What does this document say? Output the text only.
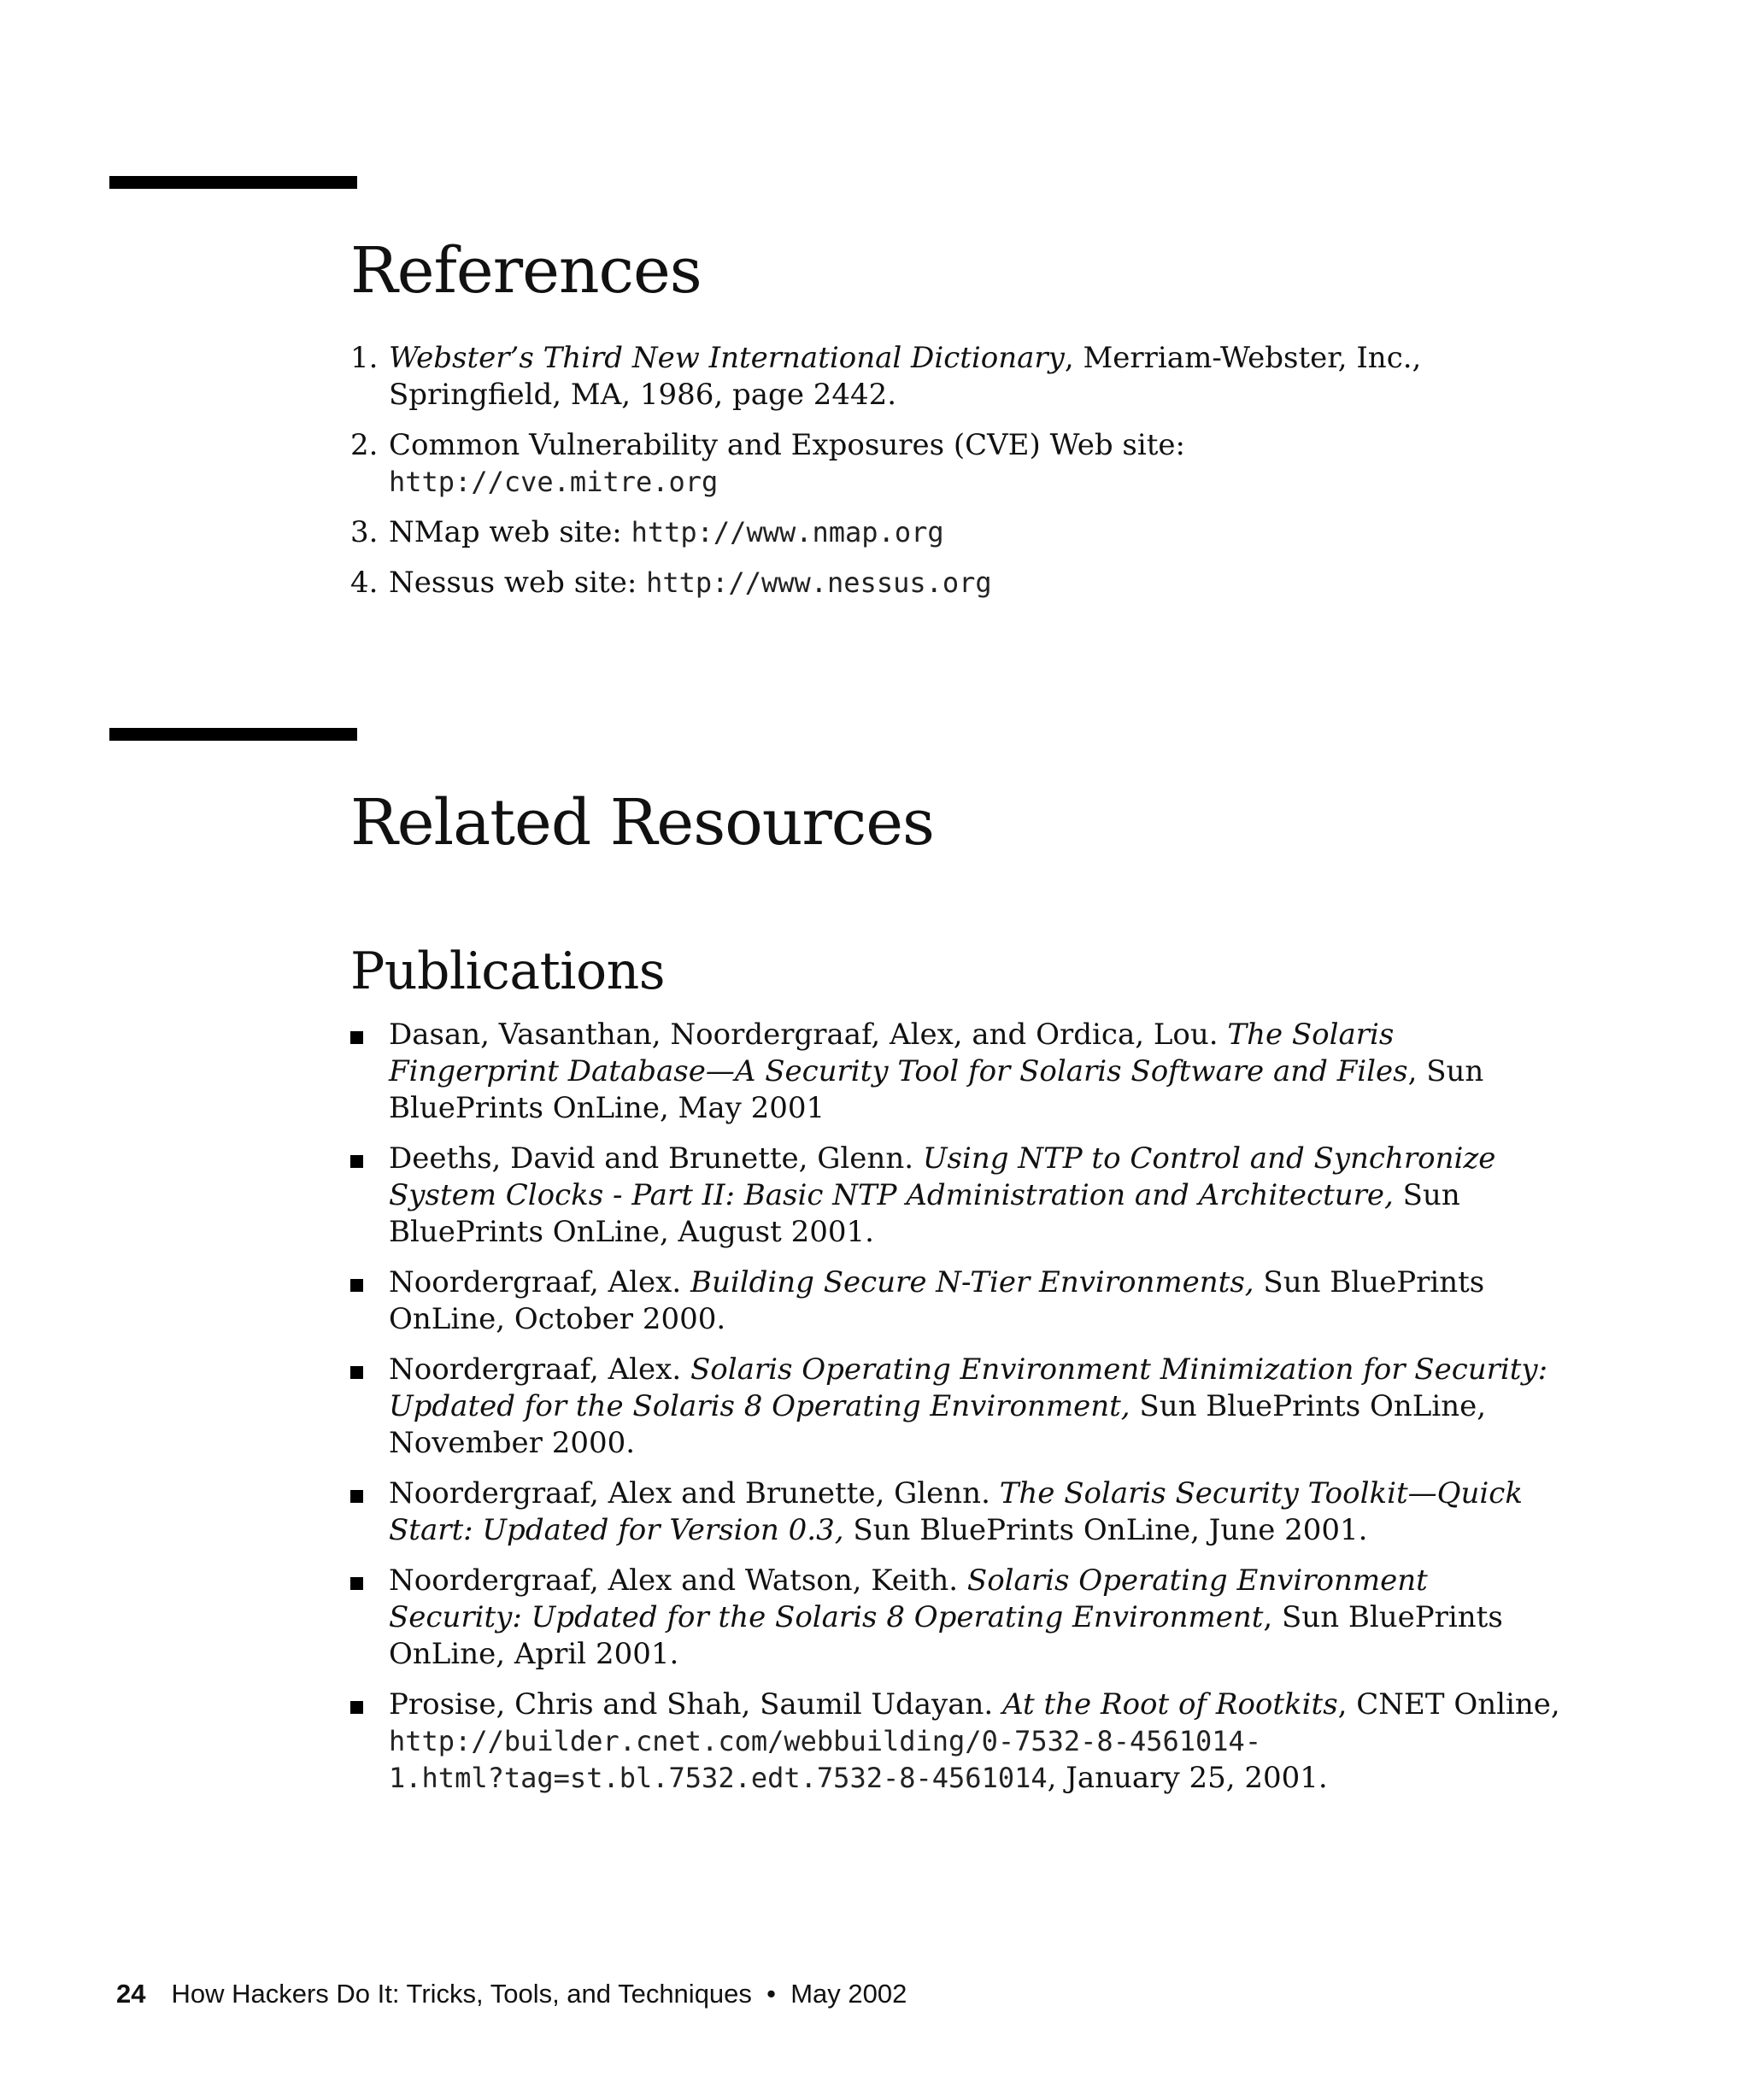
References
1. Webster’s Third New International Dictionary, Merriam-Webster, Inc., Springfield, MA, 1986, page 2442.
2. Common Vulnerability and Exposures (CVE) Web site:
http://cve.mitre.org
3. NMap web site: http://www.nmap.org
4. Nessus web site: http://www.nessus.org
Related Resources
Publications
Dasan, Vasanthan, Noordergraaf, Alex, and Ordica, Lou. The Solaris Fingerprint Database—A Security Tool for Solaris Software and Files, Sun BluePrints OnLine, May 2001
Deeths, David and Brunette, Glenn. Using NTP to Control and Synchronize System Clocks - Part II: Basic NTP Administration and Architecture, Sun BluePrints OnLine, August 2001.
Noordergraaf, Alex. Building Secure N-Tier Environments, Sun BluePrints OnLine, October 2000.
Noordergraaf, Alex. Solaris Operating Environment Minimization for Security: Updated for the Solaris 8 Operating Environment, Sun BluePrints OnLine, November 2000.
Noordergraaf, Alex and Brunette, Glenn. The Solaris Security Toolkit—Quick Start: Updated for Version 0.3, Sun BluePrints OnLine, June 2001.
Noordergraaf, Alex and Watson, Keith. Solaris Operating Environment Security: Updated for the Solaris 8 Operating Environment, Sun BluePrints OnLine, April 2001.
Prosise, Chris and Shah, Saumil Udayan. At the Root of Rootkits, CNET Online,
http://builder.cnet.com/webbuilding/0-7532-8-4561014-
1.html?tag=st.bl.7532.edt.7532-8-4561014, January 25, 2001.
24 How Hackers Do It: Tricks, Tools, and Techniques  •  May 2002
